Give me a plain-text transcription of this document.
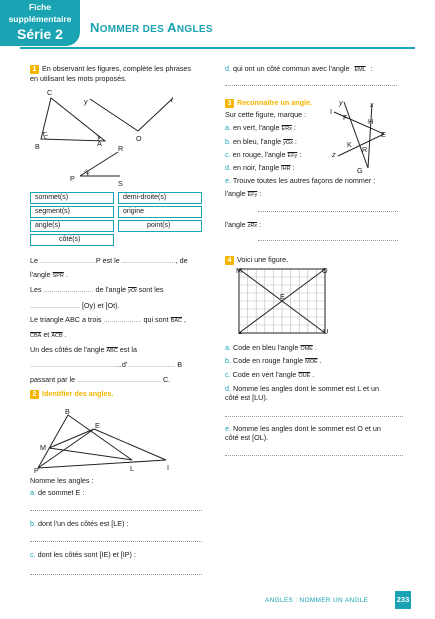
Fiche
supplémentaire
Série 2	NOMMER DES ANGLES
1 En observant les figures, complète les phrases
en utilisant les mots proposés.
C
A
B
y
O
t
R
P
S
sommet(s)	demi-droite(s)
segment(s)	origine
angle(s)	point(s)
côté(s)
Le ............................P est le ..........................., de
l'angle $\overline{SPR}$ .
Les ......................... de l'angle $\overline{yOt}$ sont les
......................... [Oy) et [Ot).
Le triangle ABC a trois ................... qui sont $\overline{BAC}$ ,
$\overline{CBA}$ et $\overline{ACB}$ .
Un des côtés de l'angle $\overline{ABC}$ est la
..............................................d'........................ B
passant par le .......................................... C.
2 Identifier des angles.
B
E
M
P	L	I
Nomme les angles :
a. de sommet E :
b. dont l'un des côtés est [LE) :
c. dont les côtés sont [IE) et [IP) :
d. qui ont un côté commun avec l'angle $\overline{EML}$ :
3 Reconnaître un angle.
Sur cette figure, marque :
a. en vert, l'angle $\overline{ERx}$ :
b. en bleu, l'angle $\overline{yGx}$ :
c. en rouge, l'angle $\overline{EFy}$ :
d. en noir, l'angle $\overline{IHR}$ :
e. Trouve toutes les autres façons de nommer :
l'angle $\overline{EFy}$ :
l'angle $\overline{zRx}$ :
y	x
I
F	H
E
K
z
R
G
4 Voici une figure.
M	O
E
L	U
a. Code en bleu l'angle $\overline{OME}$ .
b. Code en rouge l'angle $\overline{MOE}$ .
c. Code en vert l'angle $\overline{OUE}$ .
d. Nomme les angles dont le sommet est L et un
côté est [LU).
e. Nomme les angles dont le sommet est O et un
côté est [OL).
ANGLES : NOMMER UN ANGLE	233
